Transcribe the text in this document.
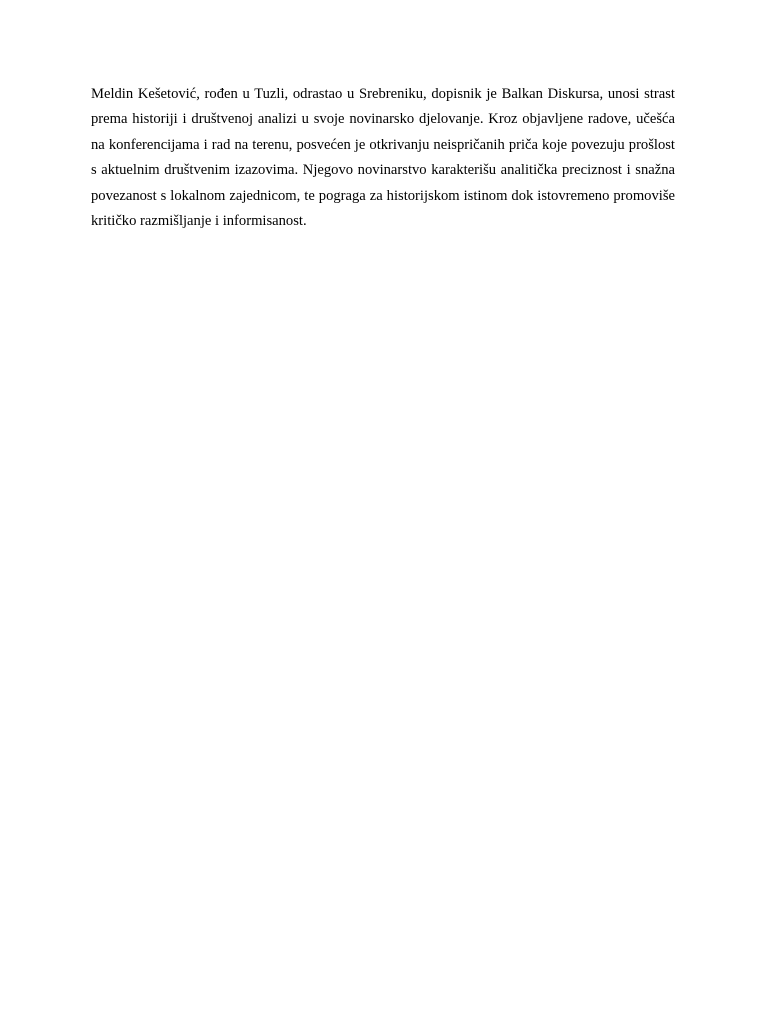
Meldin Kešetović, rođen u Tuzli, odrastao u Srebreniku, dopisnik je Balkan Diskursa, unosi strast prema historiji i društvenoj analizi u svoje novinarsko djelovanje. Kroz objavljene radove, učešća na konferencijama i rad na terenu, posvećen je otkrivanju neispričanih priča koje povezuju prošlost s aktuelnim društvenim izazovima. Njegovo novinarstvo karakterišu analitička preciznost i snažna povezanost s lokalnom zajednicom, te pograga za historijskom istinom dok istovremeno promoviše kritičko razmišljanje i informisanost.
